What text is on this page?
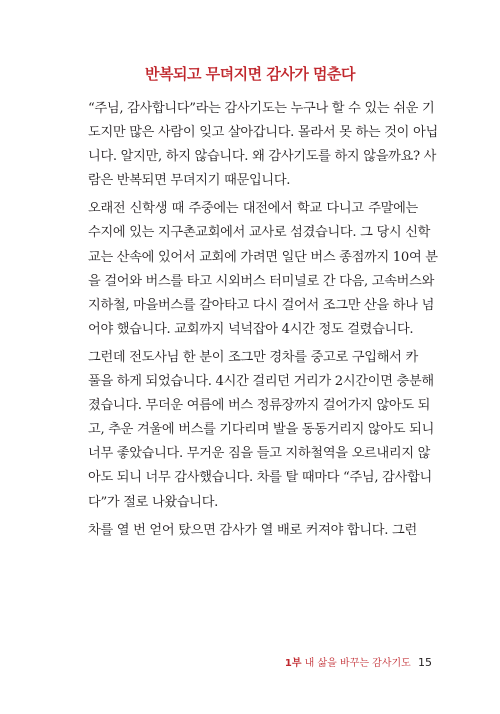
반복되고 무뎌지면 감사가 멈춘다
“주님, 감사합니다”라는 감사기도는 누구나 할 수 있는 쉬운 기
도지만 많은 사람이 잊고 살아갑니다. 몰라서 못 하는 것이 아닙
니다. 알지만, 하지 않습니다. 왜 감사기도를 하지 않을까요? 사
람은 반복되면 무뎌지기 때문입니다.
오래전 신학생 때 주중에는 대전에서 학교 다니고 주말에는
수지에 있는 지구촌교회에서 교사로 섬겼습니다. 그 당시 신학
교는 산속에 있어서 교회에 가려면 일단 버스 종점까지 10여 분
을 걸어와 버스를 타고 시외버스 터미널로 간 다음, 고속버스와
지하철, 마을버스를 갈아타고 다시 걸어서 조그만 산을 하나 넘
어야 했습니다. 교회까지 넉넉잡아 4시간 정도 걸렸습니다.
그런데 전도사님 한 분이 조그만 경차를 중고로 구입해서 카
풀을 하게 되었습니다. 4시간 걸리던 거리가 2시간이면 충분해
졌습니다. 무더운 여름에 버스 정류장까지 걸어가지 않아도 되
고, 추운 겨울에 버스를 기다리며 발을 동동거리지 않아도 되니
너무 좋았습니다. 무거운 짐을 들고 지하철역을 오르내리지 않
아도 되니 너무 감사했습니다. 차를 탈 때마다 “주님, 감사합니
다”가 절로 나왔습니다.
차를 열 번 얻어 탔으면 감사가 열 배로 커져야 합니다. 그런
1부 내 삶을 바꾸는 감사기도 15
